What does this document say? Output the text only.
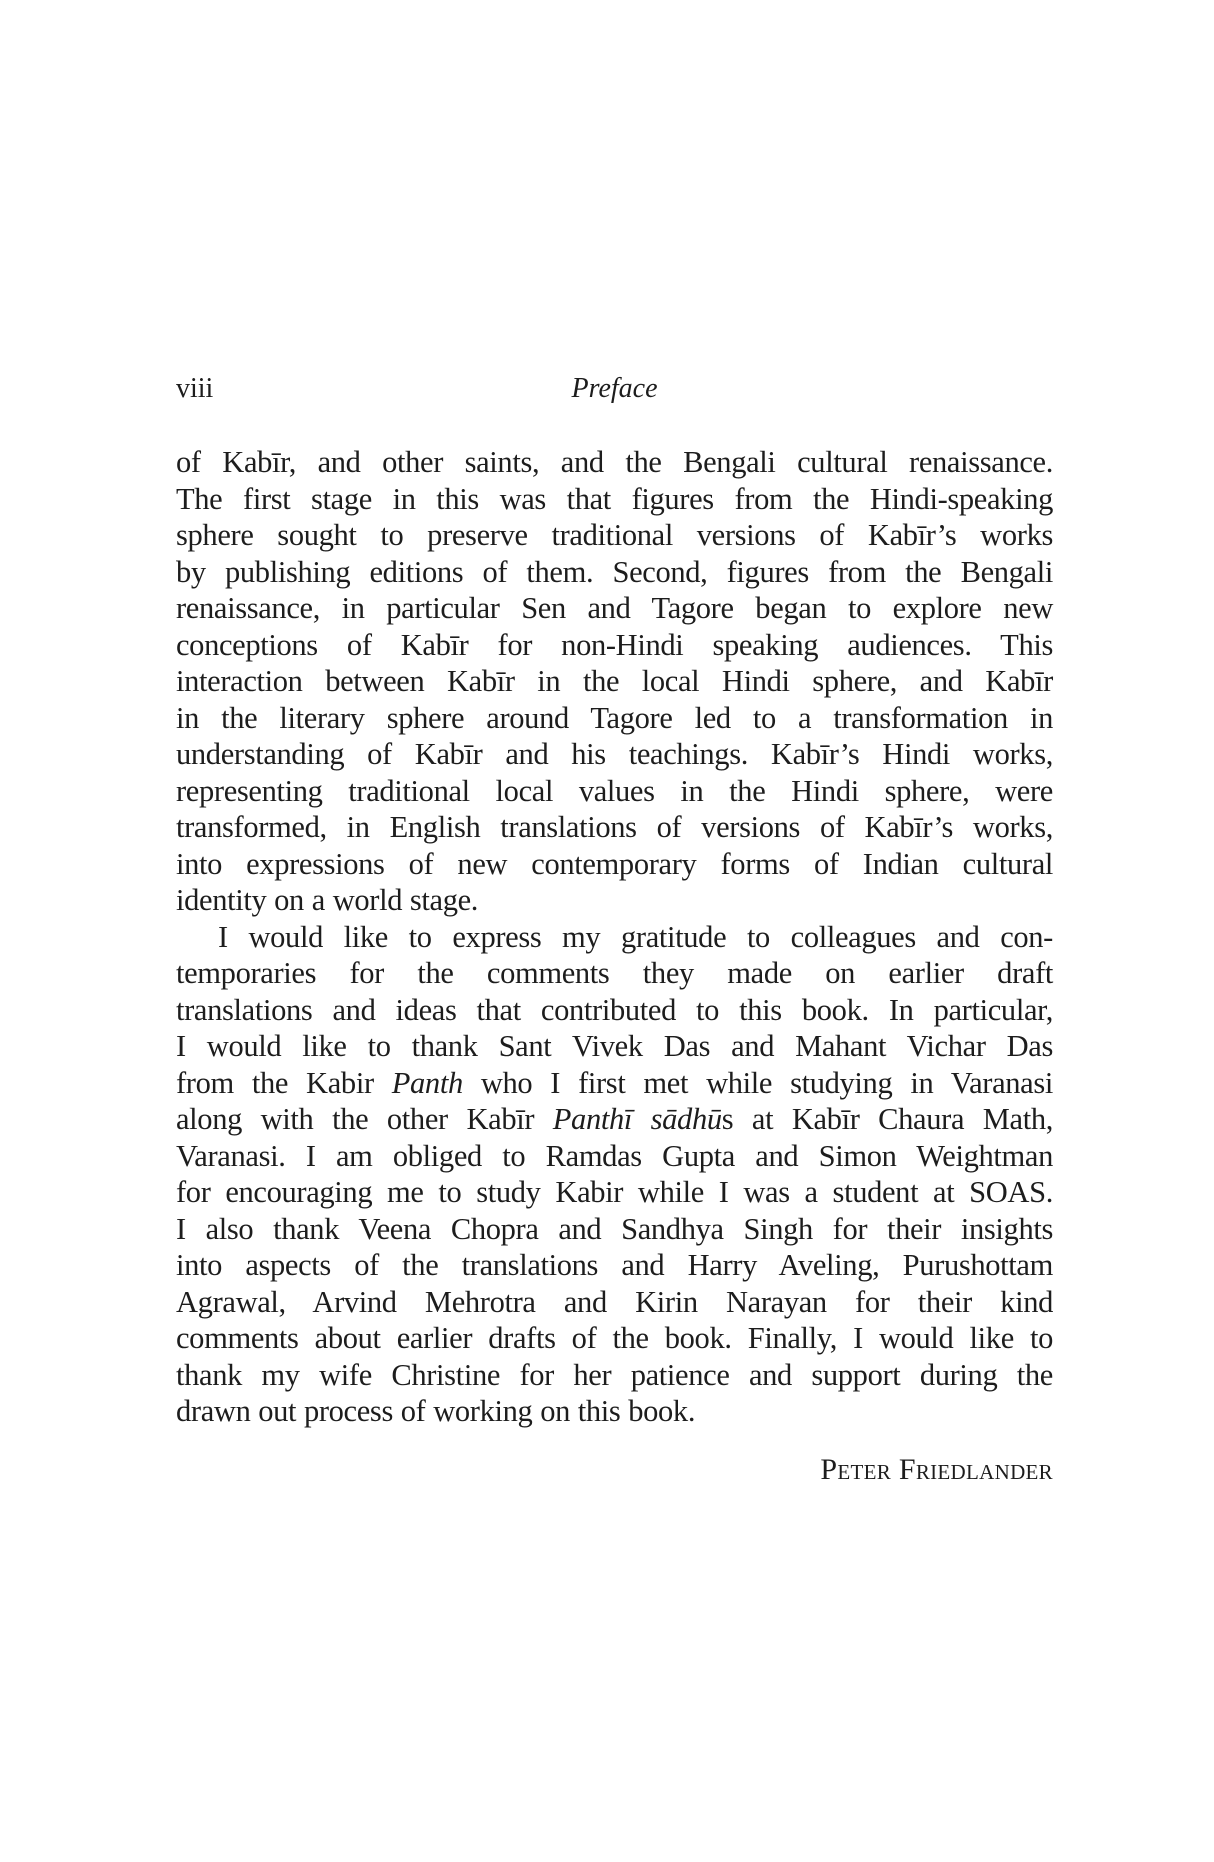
viii	Preface
of Kabīr, and other saints, and the Bengali cultural renaissance.
The first stage in this was that figures from the Hindi-speaking
sphere sought to preserve traditional versions of Kabīr’s works
by publishing editions of them. Second, figures from the Bengali
renaissance, in particular Sen and Tagore began to explore new
conceptions of Kabīr for non-Hindi speaking audiences. This
interaction between Kabīr in the local Hindi sphere, and Kabīr
in the literary sphere around Tagore led to a transformation in
understanding of Kabīr and his teachings. Kabīr’s Hindi works,
representing traditional local values in the Hindi sphere, were
transformed, in English translations of versions of Kabīr’s works,
into expressions of new contemporary forms of Indian cultural
identity on a world stage.
I would like to express my gratitude to colleagues and con-
temporaries for the comments they made on earlier draft
translations and ideas that contributed to this book. In particular,
I would like to thank Sant Vivek Das and Mahant Vichar Das
from the Kabir Panth who I first met while studying in Varanasi
along with the other Kabīr Panthī sādhūs at Kabīr Chaura Math,
Varanasi. I am obliged to Ramdas Gupta and Simon Weightman
for encouraging me to study Kabir while I was a student at SOAS.
I also thank Veena Chopra and Sandhya Singh for their insights
into aspects of the translations and Harry Aveling, Purushottam
Agrawal, Arvind Mehrotra and Kirin Narayan for their kind
comments about earlier drafts of the book. Finally, I would like to
thank my wife Christine for her patience and support during the
drawn out process of working on this book.
Peter Friedlander
